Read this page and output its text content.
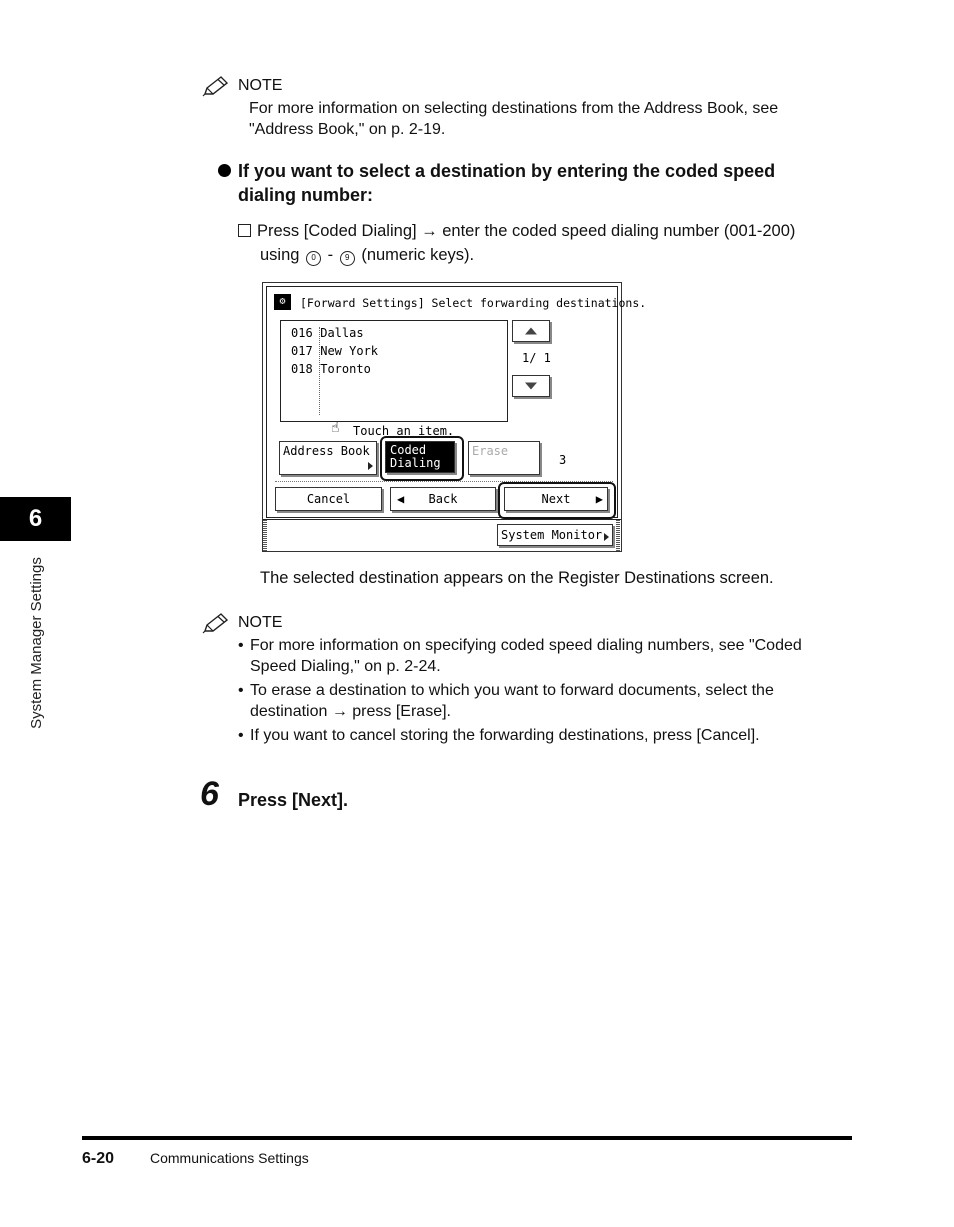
6
System Manager Settings
NOTE
For more information on selecting destinations from the Address Book, see "Address Book," on p. 2-19.
If you want to select a destination by entering the coded speed dialing number:
Press [Coded Dialing] → enter the coded speed dialing number (001-200)
using 0 - 9 (numeric keys).
⚙	[Forward Settings] Select forwarding destinations.
016 Dallas
017 New York
018 Toronto
1/ 1
☝ Touch an item.
Address Book	Coded
Dialing
Erase
3
Cancel	◀ Back	Next ▶
System Monitor
The selected destination appears on the Register Destinations screen.
NOTE
• For more information on specifying coded speed dialing numbers, see "Coded Speed Dialing," on p. 2-24.
• To erase a destination to which you want to forward documents, select the destination → press [Erase].
• If you want to cancel storing the forwarding destinations, press [Cancel].
6 Press [Next].
6-20	Communications Settings
